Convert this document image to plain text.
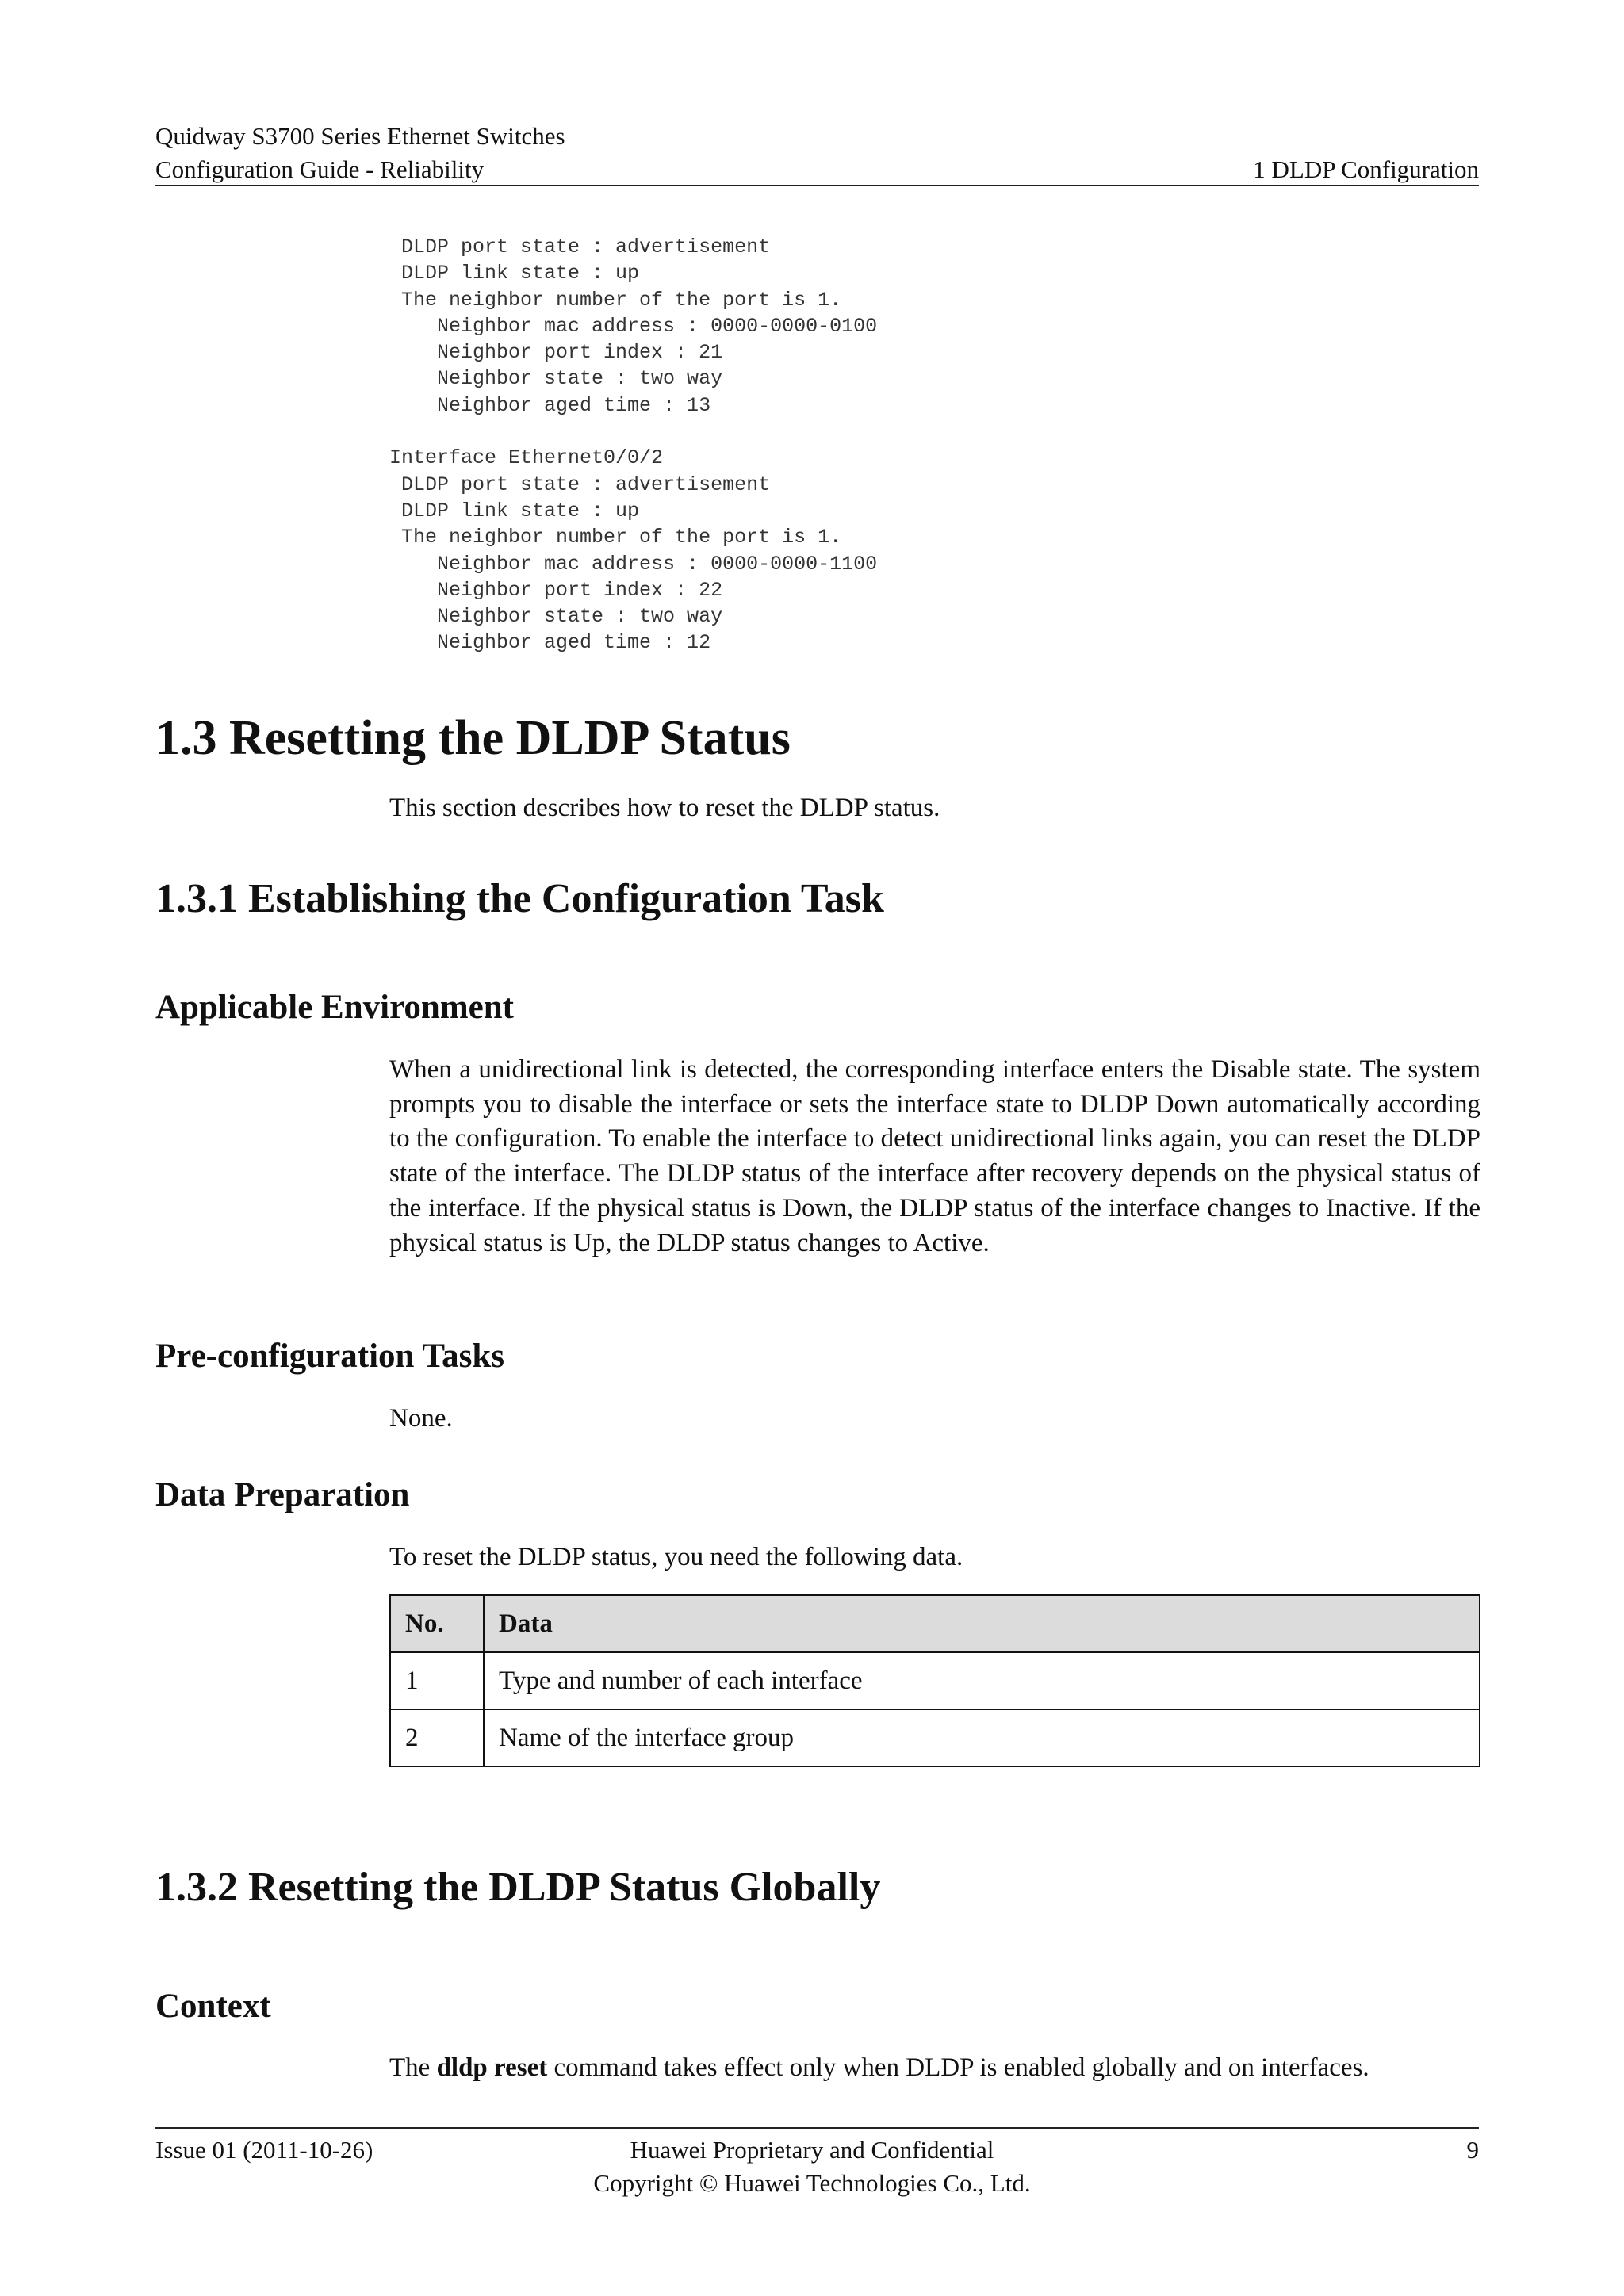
Quidway S3700 Series Ethernet Switches
Configuration Guide - Reliability	1 DLDP Configuration
DLDP port state : advertisement
DLDP link state : up
The neighbor number of the port is 1.
Neighbor mac address : 0000-0000-0100
Neighbor port index : 21
Neighbor state : two way
Neighbor aged time : 13

Interface Ethernet0/0/2
DLDP port state : advertisement
DLDP link state : up
The neighbor number of the port is 1.
Neighbor mac address : 0000-0000-1100
Neighbor port index : 22
Neighbor state : two way
Neighbor aged time : 12
1.3 Resetting the DLDP Status
This section describes how to reset the DLDP status.
1.3.1 Establishing the Configuration Task
Applicable Environment
When a unidirectional link is detected, the corresponding interface enters the Disable state. The system prompts you to disable the interface or sets the interface state to DLDP Down automatically according to the configuration. To enable the interface to detect unidirectional links again, you can reset the DLDP state of the interface. The DLDP status of the interface after recovery depends on the physical status of the interface. If the physical status is Down, the DLDP status of the interface changes to Inactive. If the physical status is Up, the DLDP status changes to Active.
Pre-configuration Tasks
None.
Data Preparation
To reset the DLDP status, you need the following data.
No.	Data
1	Type and number of each interface
2	Name of the interface group
1.3.2 Resetting the DLDP Status Globally
Context
The dldp reset command takes effect only when DLDP is enabled globally and on interfaces.
Issue 01 (2011-10-26)	Huawei Proprietary and Confidential
Copyright © Huawei Technologies Co., Ltd.
9
